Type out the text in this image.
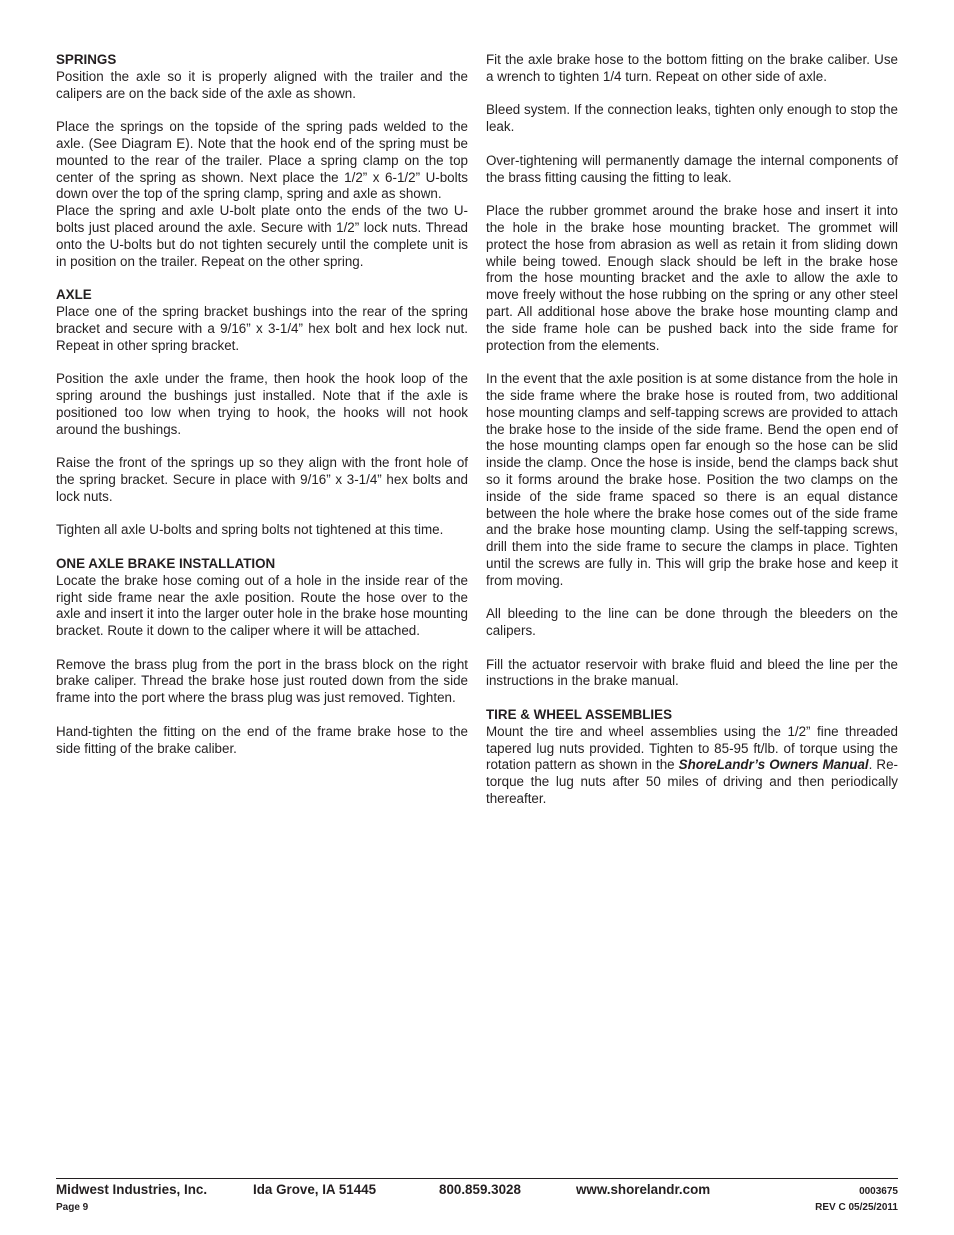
SPRINGS

Position the axle so it is properly aligned with the trailer and the calipers are on the back side of the axle as shown.

Place the springs on the topside of the spring pads welded to the axle. (See Diagram E). Note that the hook end of the spring must be mounted to the rear of the trailer. Place a spring clamp on the top center of the spring as shown. Next place the 1/2” x 6-1/2” U-bolts down over the top of the spring clamp, spring and axle as shown.

Place the spring and axle U-bolt plate onto the ends of the two U-bolts just placed around the axle. Secure with 1/2” lock nuts. Thread onto the U-bolts but do not tighten securely until the complete unit is in position on the trailer. Repeat on the other spring.

AXLE

Place one of the spring bracket bushings into the rear of the spring bracket and secure with a 9/16” x 3-1/4” hex bolt and hex lock nut. Repeat in other spring bracket.

Position the axle under the frame, then hook the hook loop of the spring around the bushings just installed. Note that if the axle is positioned too low when trying to hook, the hooks will not hook around the bushings.

Raise the front of the springs up so they align with the front hole of the spring bracket. Secure in place with 9/16” x 3-1/4” hex bolts and lock nuts.

Tighten all axle U-bolts and spring bolts not tightened at this time.

ONE AXLE BRAKE INSTALLATION

Locate the brake hose coming out of a hole in the inside rear of the right side frame near the axle position. Route the hose over to the axle and insert it into the larger outer hole in the brake hose mounting bracket. Route it down to the caliper where it will be attached.

Remove the brass plug from the port in the brass block on the right brake caliper. Thread the brake hose just routed down from the side frame into the port where the brass plug was just removed. Tighten.

Hand-tighten the fitting on the end of the frame brake hose to the side fitting of the brake caliber.

Fit the axle brake hose to the bottom fitting on the brake caliber. Use a wrench to tighten 1/4 turn. Repeat on other side of axle.

Bleed system. If the connection leaks, tighten only enough to stop the leak.

Over-tightening will permanently damage the internal components of the brass fitting causing the fitting to leak.

Place the rubber grommet around the brake hose and insert it into the hole in the brake hose mounting bracket. The grommet will protect the hose from abrasion as well as retain it from sliding down while being towed. Enough slack should be left in the brake hose from the hose mounting bracket and the axle to allow the axle to move freely without the hose rubbing on the spring or any other steel part. All additional hose above the brake hose mounting clamp and the side frame hole can be pushed back into the side frame for protection from the elements.

In the event that the axle position is at some distance from the hole in the side frame where the brake hose is routed from, two additional hose mounting clamps and self-tapping screws are provided to attach the brake hose to the inside of the side frame. Bend the open end of the hose mounting clamps open far enough so the hose can be slid inside the clamp. Once the hose is inside, bend the clamps back shut so it forms around the brake hose. Position the two clamps on the inside of the side frame spaced so there is an equal distance between the hole where the brake hose comes out of the side frame and the brake hose mounting clamp. Using the self-tapping screws, drill them into the side frame to secure the clamps in place. Tighten until the screws are fully in. This will grip the brake hose and keep it from moving.

All bleeding to the line can be done through the bleeders on the calipers.

Fill the actuator reservoir with brake fluid and bleed the line per the instructions in the brake manual.

TIRE & WHEEL ASSEMBLIES

Mount the tire and wheel assemblies using the 1/2” fine threaded tapered lug nuts provided. Tighten to 85-95 ft/lb. of torque using the rotation pattern as shown in the ShoreLandr’s Owners Manual. Re-torque the lug nuts after 50 miles of driving and then periodically thereafter.

Midwest Industries, Inc.	Ida Grove, IA 51445	800.859.3028	www.shorelandr.com	0003675
Page 9	REV C 05/25/2011
